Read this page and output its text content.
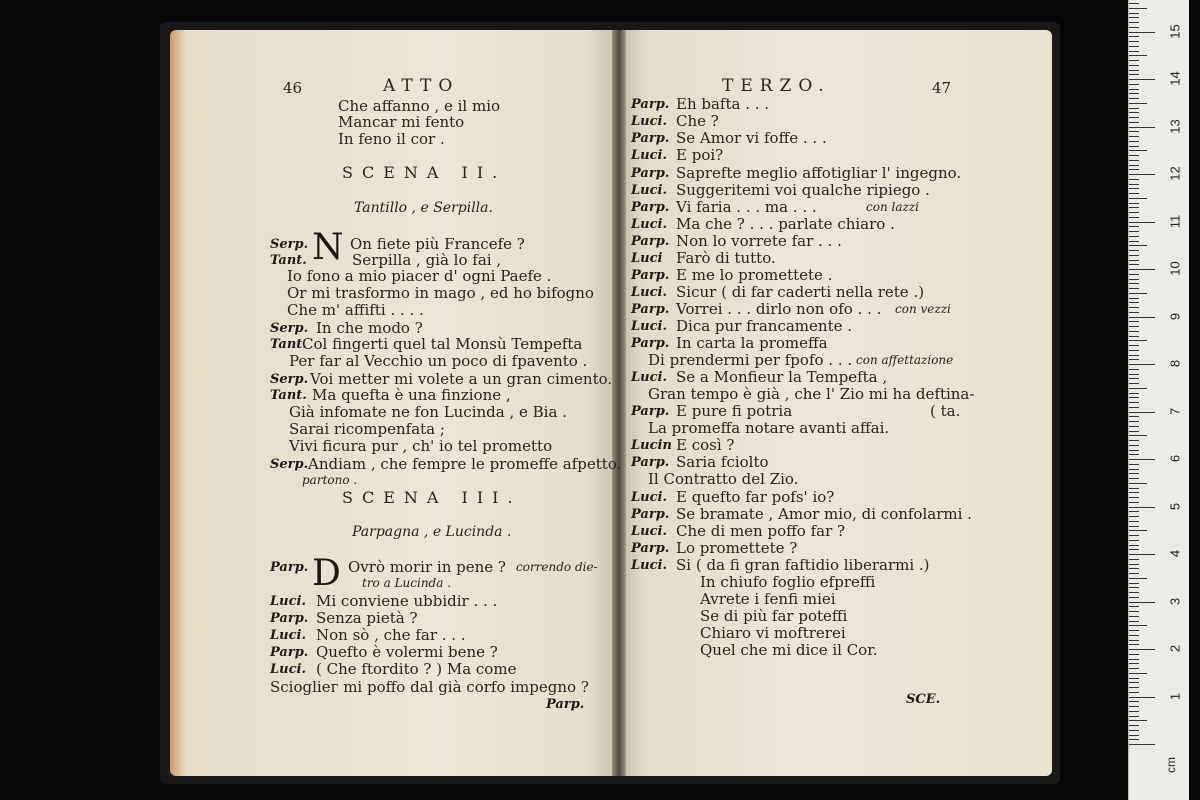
46	ATTO	TERZO.	47
N
D
Che affanno , e il mio
Mancar mi fento
In feno il cor .
SCENA II.
Tantillo , e Serpilla.
Serp.	On fiete più Francefe ?
Tant.	Serpilla , già lo fai ,
Io fono a mio piacer d' ogni Paefe .
Or mi trasformo in mago , ed ho bifogno
Che m' affifti . . . .
Serp. In che modo ?
Tant.
Col fingerti quel tal Monsù Tempefta
Per far al Vecchio un poco di fpavento .
Serp. Voi metter mi volete a un gran cimento.
Tant. Ma quefta è una finzione ,
Già infomate ne fon Lucinda , e Bia .
Sarai ricompenfata ;
Vivi ficura pur , ch' io tel prometto
Serp. Andiam , che fempre le promeffe afpetto.
partono .
SCENA III.
Parpagna , e Lucinda .
Parp.	Ovrò morir in pene ? correndo die-
tro a Lucinda .
Luci. Mi conviene ubbidir . . .
Parp. Senza pietà ?
Luci. Non sò , che far . . .
Parp. Quefto è volermi bene ?
Luci. ( Che ftordito ? ) Ma come
Sciogliег mi poffo dal già corfo impegno ?
Parp.
Parp. Eh bafta . . .
Luci. Che ?
Parp. Se Amor vi foffe . . .
Luci. E poi?
Parp. Saprefte meglio affotigliar l' ingegno.
Luci. Suggeritemi voi qualche ripiego .
Parp. Vi faria . . . ma . . .	con lazzi
Luci. Ma che ? . . . parlate chiaro .
Parp. Non lo vorrete far . . .
Luci Farò di tutto.
Parp. E me lo promettete .
Luci. Sicur ( di far caderti nella rete .)
Parp. Vorrei . . . dirlo non ofo . . . con vezzi
Luci. Dica pur francamente .
Parp. In carta la promeffa
Di prendermi per fpofo . . . con affettazione
Luci. Se a Monfieur la Tempefta ,
Gran tempo è già , che l' Zio mi ha deftina-
Parp. E pure fi potria	( ta.
La promeffa notare avanti affai.
Lucin E così ?
Parp. Saria fciolto
Il Contratto del Zio.
Luci. E quefto far pofs' io?
Parp. Se bramate , Amor mio, di confolarmi .
Luci. Che di men poffo far ?
Parp. Lo promettete ?
Luci. Si ( da fi gran faftidio liberarmi .)
In chiufo foglio efpreffi
Avrete i fenfi miei
Se di più far poteffi
Chiaro vi moftrerei
Quel che mi dice il Cor.
SCE.
cm
1
2
3
4
5
6
7
8
9
10
11
12
13
14
15
